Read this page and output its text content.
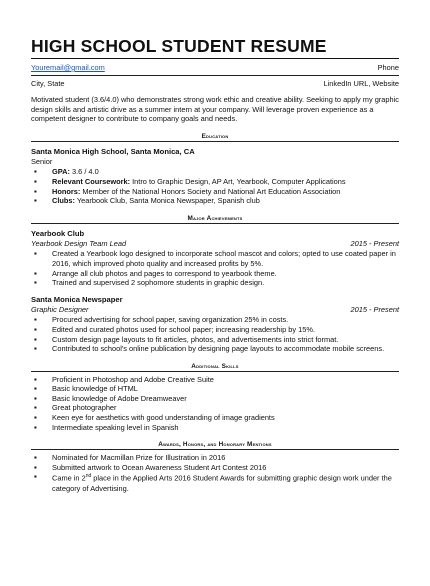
HIGH SCHOOL STUDENT RESUME
Youremail@gmail.com	Phone
City, State	LinkedIn URL, Website
Motivated student (3.6/4.0) who demonstrates strong work ethic and creative ability. Seeking to apply my graphic design skills and artistic drive as a summer intern at your company. Will leverage proven experience as a competent designer to contribute to company goals and needs.
Education
Santa Monica High School, Santa Monica, CA
Senior
▪ GPA: 3.6 / 4.0
▪ Relevant Coursework: Intro to Graphic Design, AP Art, Yearbook, Computer Applications
▪ Honors: Member of the National Honors Society and National Art Education Association
▪ Clubs: Yearbook Club, Santa Monica Newspaper, Spanish club
Major Achievements
Yearbook Club
Yearbook Design Team Lead	2015 - Present
▪ Created a Yearbook logo designed to incorporate school mascot and colors; opted to use coated paper in 2016, which improved photo quality and increased profits by 5%.
▪ Arrange all club photos and pages to correspond to yearbook theme.
▪ Trained and supervised 2 sophomore students in graphic design.
Santa Monica Newspaper
Graphic Designer	2015 - Present
▪ Procured advertising for school paper, saving organization 25% in costs.
▪ Edited and curated photos used for school paper; increasing readership by 15%.
▪ Custom design page layouts to fit articles, photos, and advertisements into strict format.
▪ Contributed to school's online publication by designing page layouts to accommodate mobile screens.
Additional Skills
▪ Proficient in Photoshop and Adobe Creative Suite
▪ Basic knowledge of HTML
▪ Basic knowledge of Adobe Dreamweaver
▪ Great photographer
▪ Keen eye for aesthetics with good understanding of image gradients
▪ Intermediate speaking level in Spanish
Awards, Honors, and Honorary Mentions
▪ Nominated for Macmillan Prize for Illustration in 2016
▪ Submitted artwork to Ocean Awareness Student Art Contest 2016
▪ Came in 2nd place in the Applied Arts 2016 Student Awards for submitting graphic design work under the category of Advertising.
